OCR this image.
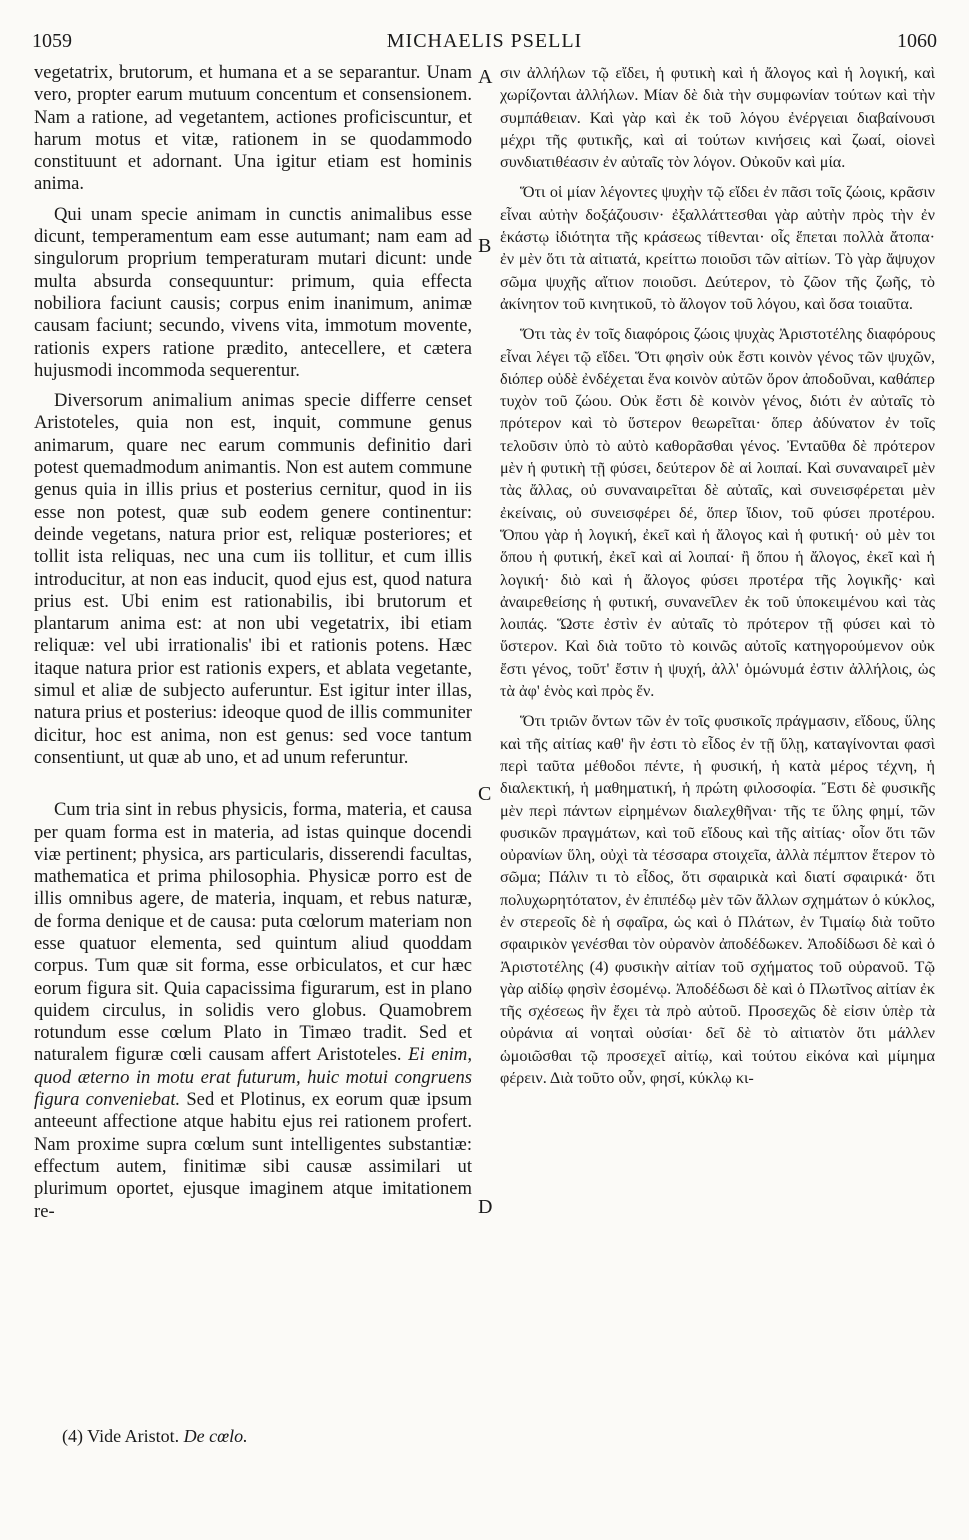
1059	MICHAELIS PSELLI	1060

vegetatrix, brutorum, et humana et a se separantur. Unam vero, propter earum mutuum concentum et consensionem. Nam a ratione, ad vegetantem, actiones proficiscuntur, et harum motus et vitæ, rationem in se quodammodo constituunt et adornant. Una igitur etiam est hominis anima.

Qui unam specie animam in cunctis animalibus esse dicunt, temperamentum eam esse autumant; nam eam ad singulorum proprium temperaturam mutari dicunt: unde multa absurda consequuntur: primum, quia effecta nobiliora faciunt causis; corpus enim inanimum, animæ causam faciunt; secundo, vivens vita, immotum movente, rationis expers ratione prædito, antecellere, et cætera hujusmodi incommoda sequerentur.

Diversorum animalium animas specie differre censet Aristoteles, quia non est, inquit, commune genus animarum, quare nec earum communis definitio dari potest quemadmodum animantis. Non est autem commune genus quia in illis prius et posterius cernitur, quod in iis esse non potest, quæ sub eodem genere continentur: deinde vegetans, natura prior est, reliquæ posteriores; et tollit ista reliquas, nec una cum iis tollitur, et cum illis introducitur, at non eas inducit, quod ejus est, quod natura prius est. Ubi enim est rationabilis, ibi brutorum et plantarum anima est: at non ubi vegetatrix, ibi etiam reliquæ: vel ubi irrationalis' ibi et rationis potens. Hæc itaque natura prior est rationis expers, et ablata vegetante, simul et aliæ de subjecto auferuntur. Est igitur inter illas, natura prius et posterius: ideoque quod de illis communiter dicitur, hoc est anima, non est genus: sed voce tantum consentiunt, ut quæ ab uno, et ad unum referuntur.

Cum tria sint in rebus physicis, forma, materia, et causa per quam forma est in materia, ad istas quinque docendi viæ pertinent; physica, ars particularis, disserendi facultas, mathematica et prima philosophia. Physicæ porro est de illis omnibus agere, de materia, inquam, et rebus naturæ, de forma denique et de causa: puta cœlorum materiam non esse quatuor elementa, sed quintum aliud quoddam corpus. Tum quæ sit forma, esse orbiculatos, et cur hæc eorum figura sit. Quia capacissima figurarum, est in plano quidem circulus, in solidis vero globus. Quamobrem rotundum esse cœlum Plato in Timæo tradit. Sed et naturalem figuræ cœli causam affert Aristoteles. Ei enim, quod æterno in motu erat futurum, huic motui congruens figura conveniebat. Sed et Plotinus, ex eorum quæ ipsum anteeunt affectione atque habitu ejus rei rationem profert. Nam proxime supra cœlum sunt intelligentes substantiæ: effectum autem, finitimæ sibi causæ assimilari ut plurimum oportet, ejusque imaginem atque imitationem re-

σιν ἀλλήλων τῷ εἴδει, ἡ φυτικὴ καὶ ἡ ἄλογος καὶ ἡ λογική, καὶ χωρίζονται ἀλλήλων. Μίαν δὲ διὰ τὴν συμφωνίαν τούτων καὶ τὴν συμπάθειαν. Καὶ γὰρ καὶ ἐκ τοῦ λόγου ἐνέργειαι διαβαίνουσι μέχρι τῆς φυτικῆς, καὶ αἱ τούτων κινήσεις καὶ ζωαί, οἱονεὶ συνδιατιθέασιν ἐν αὐταῖς τὸν λόγον. Οὐκοῦν καὶ μία.

Ὅτι οἱ μίαν λέγοντες ψυχὴν τῷ εἴδει ἐν πᾶσι τοῖς ζώοις, κρᾶσιν εἶναι αὐτὴν δοξάζουσιν· ἐξαλλάττεσθαι γὰρ αὐτὴν πρὸς τὴν ἐν ἑκάστῳ ἰδιότητα τῆς κράσεως τίθενται· οἷς ἕπεται πολλὰ ἄτοπα· ἐν μὲν ὅτι τὰ αἰτιατά, κρείττω ποιοῦσι τῶν αἰτίων. Τὸ γὰρ ἄψυχον σῶμα ψυχῆς αἴτιον ποιοῦσι. Δεύτερον, τὸ ζῶον τῆς ζωῆς, τὸ ἀκίνητον τοῦ κινητικοῦ, τὸ ἄλογον τοῦ λόγου, καὶ ὅσα τοιαῦτα.

Ὅτι τὰς ἐν τοῖς διαφόροις ζώοις ψυχὰς Ἀριστοτέλης διαφόρους εἶναι λέγει τῷ εἴδει. Ὅτι φησὶν οὐκ ἔστι κοινὸν γένος τῶν ψυχῶν, διόπερ οὐδὲ ἐνδέχεται ἕνα κοινὸν αὐτῶν ὅρον ἀποδοῦναι, καθάπερ τυχὸν τοῦ ζώου. Οὐκ ἔστι δὲ κοινὸν γένος, διότι ἐν αὐταῖς τὸ πρότερον καὶ τὸ ὕστερον θεωρεῖται· ὅπερ ἀδύνατον ἐν τοῖς τελοῦσιν ὑπὸ τὸ αὐτὸ καθορᾶσθαι γένος. Ἐνταῦθα δὲ πρότερον μὲν ἡ φυτικὴ τῇ φύσει, δεύτερον δὲ αἱ λοιπαί. Καὶ συναναιρεῖ μὲν τὰς ἄλλας, οὐ συναναιρεῖται δὲ αὐταῖς, καὶ συνεισφέρεται μὲν ἐκείναις, οὐ συνεισφέρει δέ, ὅπερ ἴδιον, τοῦ φύσει προτέρου. Ὅπου γὰρ ἡ λογική, ἐκεῖ καὶ ἡ ἄλογος καὶ ἡ φυτική· οὐ μὲν τοι ὅπου ἡ φυτική, ἐκεῖ καὶ αἱ λοιπαί· ἢ ὅπου ἡ ἄλογος, ἐκεῖ καὶ ἡ λογική· διὸ καὶ ἡ ἄλογος φύσει προτέρα τῆς λογικῆς· καὶ ἀναιρεθείσης ἡ φυτική, συνανεῖλεν ἐκ τοῦ ὑποκειμένου καὶ τὰς λοιπάς. Ὥστε ἐστὶν ἐν αὐταῖς τὸ πρότερον τῇ φύσει καὶ τὸ ὕστερον. Καὶ διὰ τοῦτο τὸ κοινῶς αὐτοῖς κατηγορούμενον οὐκ ἔστι γένος, τοῦτ' ἔστιν ἡ ψυχή, ἀλλ' ὁμώνυμά ἐστιν ἀλλήλοις, ὡς τὰ ἀφ' ἑνὸς καὶ πρὸς ἕν.

Ὅτι τριῶν ὄντων τῶν ἐν τοῖς φυσικοῖς πράγμασιν, εἴδους, ὕλης καὶ τῆς αἰτίας καθ' ἣν ἐστι τὸ εἶδος ἐν τῇ ὕλῃ, καταγίνονται φασὶ περὶ ταῦτα μέθοδοι πέντε, ἡ φυσική, ἡ κατὰ μέρος τέχνη, ἡ διαλεκτική, ἡ μαθηματική, ἡ πρώτη φιλοσοφία. Ἔστι δὲ φυσικῆς μὲν περὶ πάντων εἰρημένων διαλεχθῆναι· τῆς τε ὕλης φημί, τῶν φυσικῶν πραγμάτων, καὶ τοῦ εἴδους καὶ τῆς αἰτίας· οἷον ὅτι τῶν οὐρανίων ὕλη, οὐχὶ τὰ τέσσαρα στοιχεῖα, ἀλλὰ πέμπτον ἕτερον τὸ σῶμα; Πάλιν τι τὸ εἶδος, ὅτι σφαιρικὰ καὶ διατί σφαιρικά· ὅτι πολυχωρητότατον, ἐν ἐπιπέδῳ μὲν τῶν ἄλλων σχημάτων ὁ κύκλος, ἐν στερεοῖς δὲ ἡ σφαῖρα, ὡς καὶ ὁ Πλάτων, ἐν Τιμαίῳ διὰ τοῦτο σφαιρικὸν γενέσθαι τὸν οὐρανὸν ἀποδέδωκεν. Ἀποδίδωσι δὲ καὶ ὁ Ἀριστοτέλης (4) φυσικὴν αἰτίαν τοῦ σχήματος τοῦ οὐρανοῦ. Τῷ γὰρ αἰδίῳ φησὶν ἐσομένῳ. Ἀποδέδωσι δὲ καὶ ὁ Πλωτῖνος αἰτίαν ἐκ τῆς σχέσεως ἣν ἔχει τὰ πρὸ αὐτοῦ. Προσεχῶς δὲ εἰσιν ὑπὲρ τὰ οὐράνια αἱ νοηταὶ οὐσίαι· δεῖ δὲ τὸ αἰτιατὸν ὅτι μάλλεν ὡμοιῶσθαι τῷ προσεχεῖ αἰτίῳ, καὶ τούτου εἰκόνα καὶ μίμημα φέρειν. Διὰ τοῦτο οὖν, φησί, κύκλῳ κι-

A
B
C
D
(4) Vide Aristot. De cœlo.
